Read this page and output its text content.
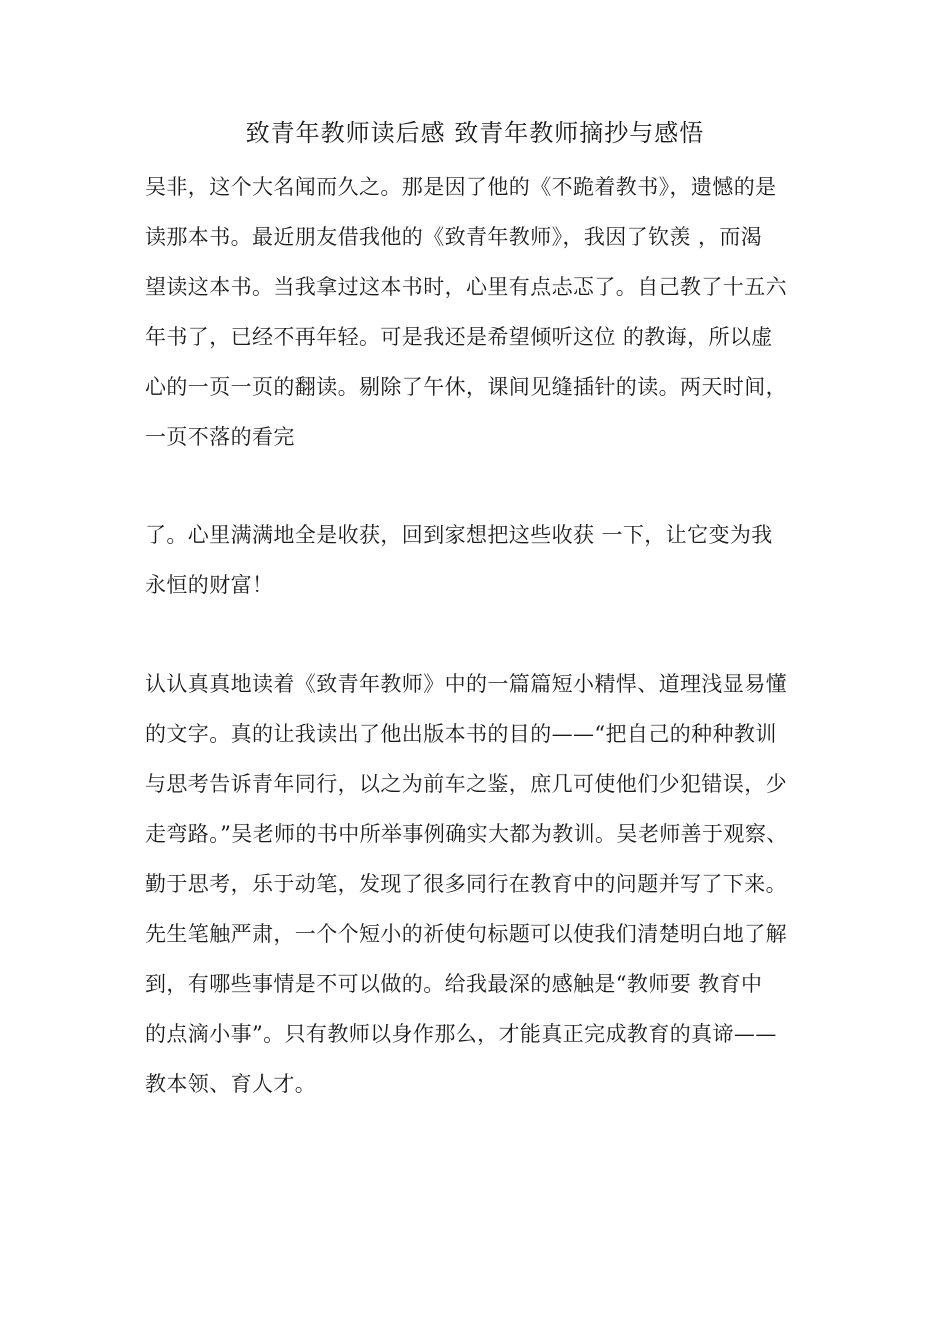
致青年教师读后感 致青年教师摘抄与感悟
吴非，这个大名闻而久之。那是因了他的《不跪着教书》，遗憾的是
读那本书。最近朋友借我他的《致青年教师》，我因了钦羡 ，而渴
望读这本书。当我拿过这本书时，心里有点忐忑了。自己教了十五六
年书了，已经不再年轻。可是我还是希望倾听这位 的教诲，所以虚
心的一页一页的翻读。剔除了午休，课间见缝插针的读。两天时间，
一页不落的看完
了。心里满满地全是收获，回到家想把这些收获 一下，让它变为我
永恒的财富！
认认真真地读着《致青年教师》中的一篇篇短小精悍、道理浅显易懂
的文字。真的让我读出了他出版本书的目的——“把自己的种种教训
与思考告诉青年同行，以之为前车之鉴，庶几可使他们少犯错误，少
走弯路。”吴老师的书中所举事例确实大都为教训。吴老师善于观察、
勤于思考，乐于动笔，发现了很多同行在教育中的问题并写了下来。
先生笔触严肃，一个个短小的祈使句标题可以使我们清楚明白地了解
到，有哪些事情是不可以做的。给我最深的感触是“教师要 教育中
的点滴小事”。只有教师以身作那么，才能真正完成教育的真谛——
教本领、育人才。
